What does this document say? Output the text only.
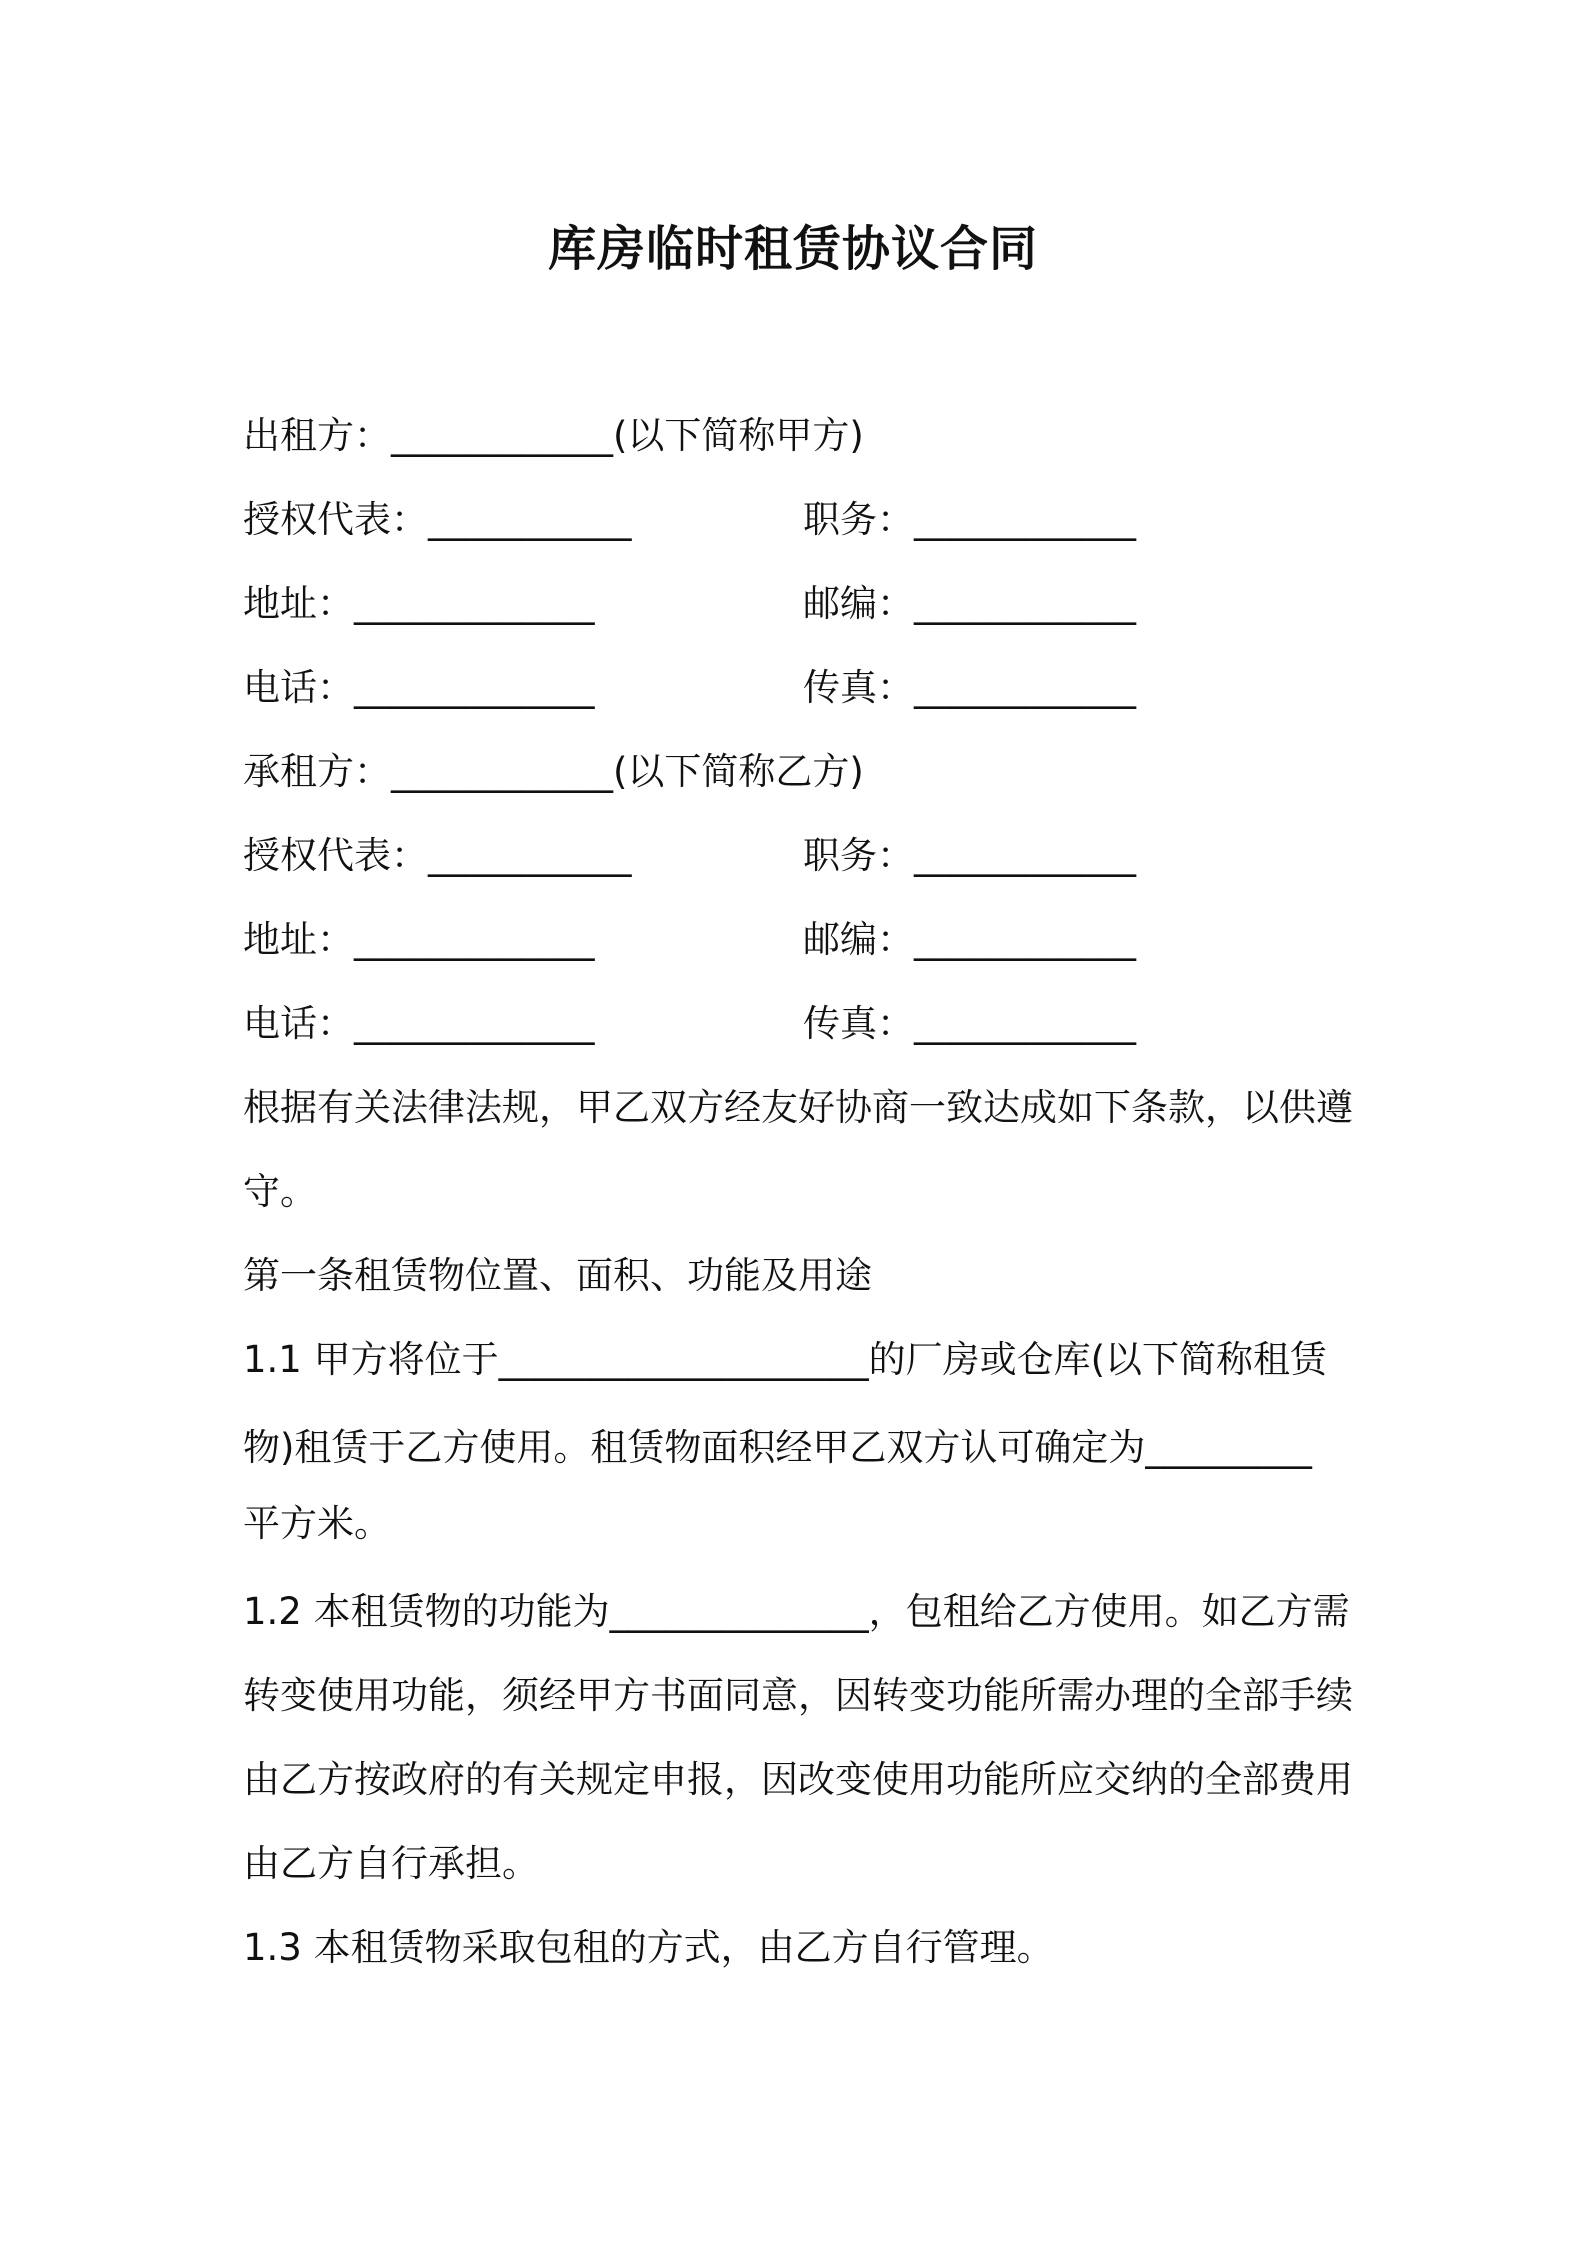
库房临时租赁协议合同
出租方：____________(以下简称甲方)
授权代表：___________	职务：____________
地址：_____________	邮编：____________
电话：_____________	传真：____________
承租方：____________(以下简称乙方)
授权代表：___________	职务：____________
地址：_____________	邮编：____________
电话：_____________	传真：____________
根据有关法律法规，甲乙双方经友好协商一致达成如下条款，以供遵
守。
第一条租赁物位置、面积、功能及用途
1.1 甲方将位于____________________的厂房或仓库(以下简称租赁
物)租赁于乙方使用。租赁物面积经甲乙双方认可确定为_________
平方米。
1.2 本租赁物的功能为______________，包租给乙方使用。如乙方需
转变使用功能，须经甲方书面同意，因转变功能所需办理的全部手续
由乙方按政府的有关规定申报，因改变使用功能所应交纳的全部费用
由乙方自行承担。
1.3 本租赁物采取包租的方式，由乙方自行管理。
